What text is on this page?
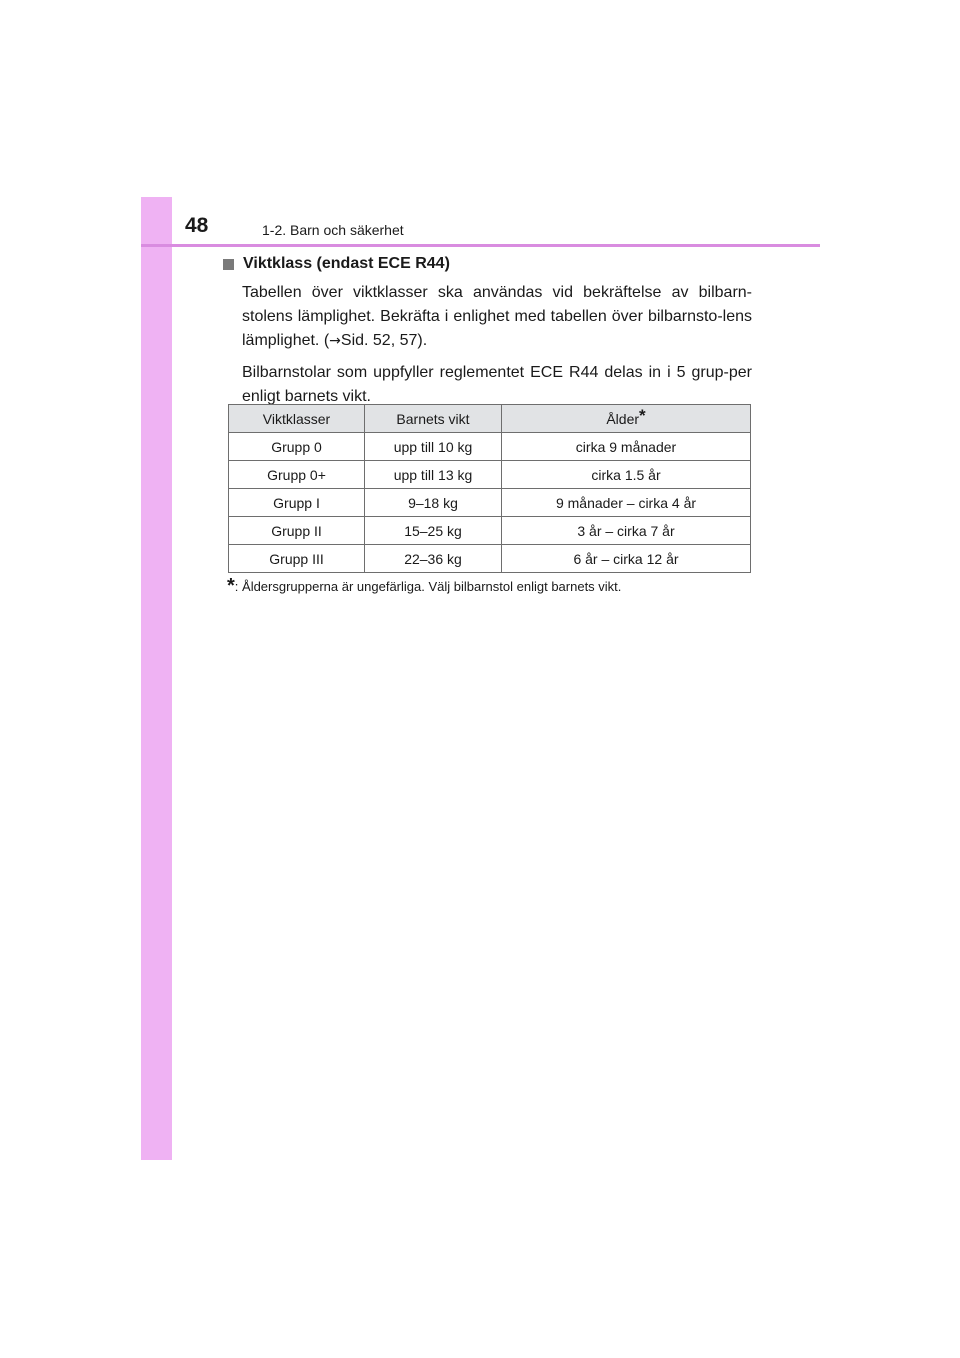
48	1-2. Barn och säkerhet
Viktklass (endast ECE R44)

Tabellen över viktklasser ska användas vid bekräftelse av bilbarn-stolens lämplighet. Bekräfta i enlighet med tabellen över bilbarnsto-lens lämplighet. (→Sid. 52, 57).

Bilbarnstolar som uppfyller reglementet ECE R44 delas in i 5 grup-per enligt barnets vikt.

Viktklasser	Barnets vikt	Ålder*
Grupp 0	upp till 10 kg	cirka 9 månader
Grupp 0+	upp till 13 kg	cirka 1.5 år
Grupp I	9–18 kg	9 månader – cirka 4 år
Grupp II	15–25 kg	3 år – cirka 7 år
Grupp III	22–36 kg	6 år – cirka 12 år
*: Åldersgrupperna är ungefärliga. Välj bilbarnstol enligt barnets vikt.
